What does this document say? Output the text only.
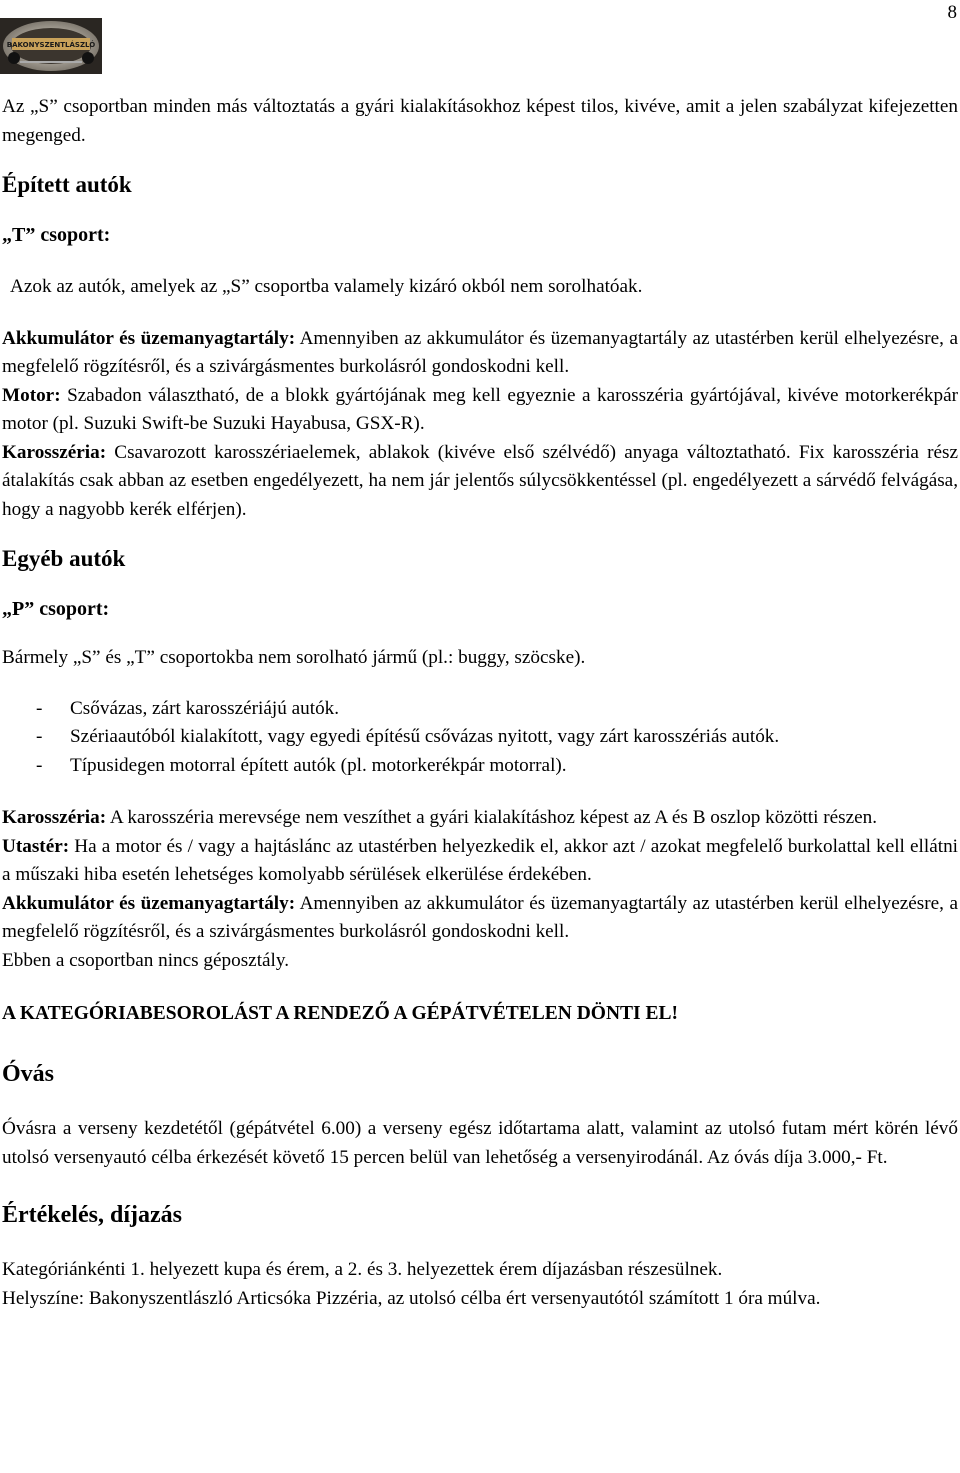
8
BAKONYSZENTLÁSZLÓ

Az „S” csoportban minden más változtatás a gyári kialakításokhoz képest tilos, kivéve, amit a jelen szabályzat kifejezetten megenged.

Épített autók

„T” csoport:

Azok az autók, amelyek az „S” csoportba valamely kizáró okból nem sorolhatóak.

Akkumulátor és üzemanyagtartály: Amennyiben az akkumulátor és üzemanyagtartály az utastérben kerül elhelyezésre, a megfelelő rögzítésről, és a szivárgásmentes burkolásról gondoskodni kell.

Motor: Szabadon választható, de a blokk gyártójának meg kell egyeznie a karosszéria gyártójával, kivéve motorkerékpár motor (pl. Suzuki Swift-be Suzuki Hayabusa, GSX-R).

Karosszéria: Csavarozott karosszériaelemek, ablakok (kivéve első szélvédő) anyaga változtatható. Fix karosszéria rész átalakítás csak abban az esetben engedélyezett, ha nem jár jelentős súlycsökkentéssel (pl. engedélyezett a sárvédő felvágása, hogy a nagyobb kerék elférjen).

Egyéb autók

„P” csoport:

Bármely „S” és „T” csoportokba nem sorolható jármű (pl.: buggy, szöcske).

- Csővázas, zárt karosszériájú autók.
- Szériaautóból kialakított, vagy egyedi építésű csővázas nyitott, vagy zárt karosszériás autók.
- Típusidegen motorral épített autók (pl. motorkerékpár motorral).

Karosszéria: A karosszéria merevsége nem veszíthet a gyári kialakításhoz képest az A és B oszlop közötti részen.

Utastér: Ha a motor és / vagy a hajtáslánc az utastérben helyezkedik el, akkor azt / azokat megfelelő burkolattal kell ellátni a műszaki hiba esetén lehetséges komolyabb sérülések elkerülése érdekében.

Akkumulátor és üzemanyagtartály: Amennyiben az akkumulátor és üzemanyagtartály az utastérben kerül elhelyezésre, a megfelelő rögzítésről, és a szivárgásmentes burkolásról gondoskodni kell.

Ebben a csoportban nincs géposztály.

A KATEGÓRIABESOROLÁST A RENDEZŐ A GÉPÁTVÉTELEN DÖNTI EL!

Óvás

Óvásra a verseny kezdetétől (gépátvétel 6.00) a verseny egész időtartama alatt, valamint az utolsó futam mért körén lévő utolsó versenyautó célba érkezését követő 15 percen belül van lehetőség a versenyirodánál. Az óvás díja 3.000,- Ft.

Értékelés, díjazás

Kategóriánkénti 1. helyezett kupa és érem, a 2. és 3. helyezettek érem díjazásban részesülnek.

Helyszíne: Bakonyszentlászló Articsóka Pizzéria, az utolsó célba ért versenyautótól számított 1 óra múlva.
